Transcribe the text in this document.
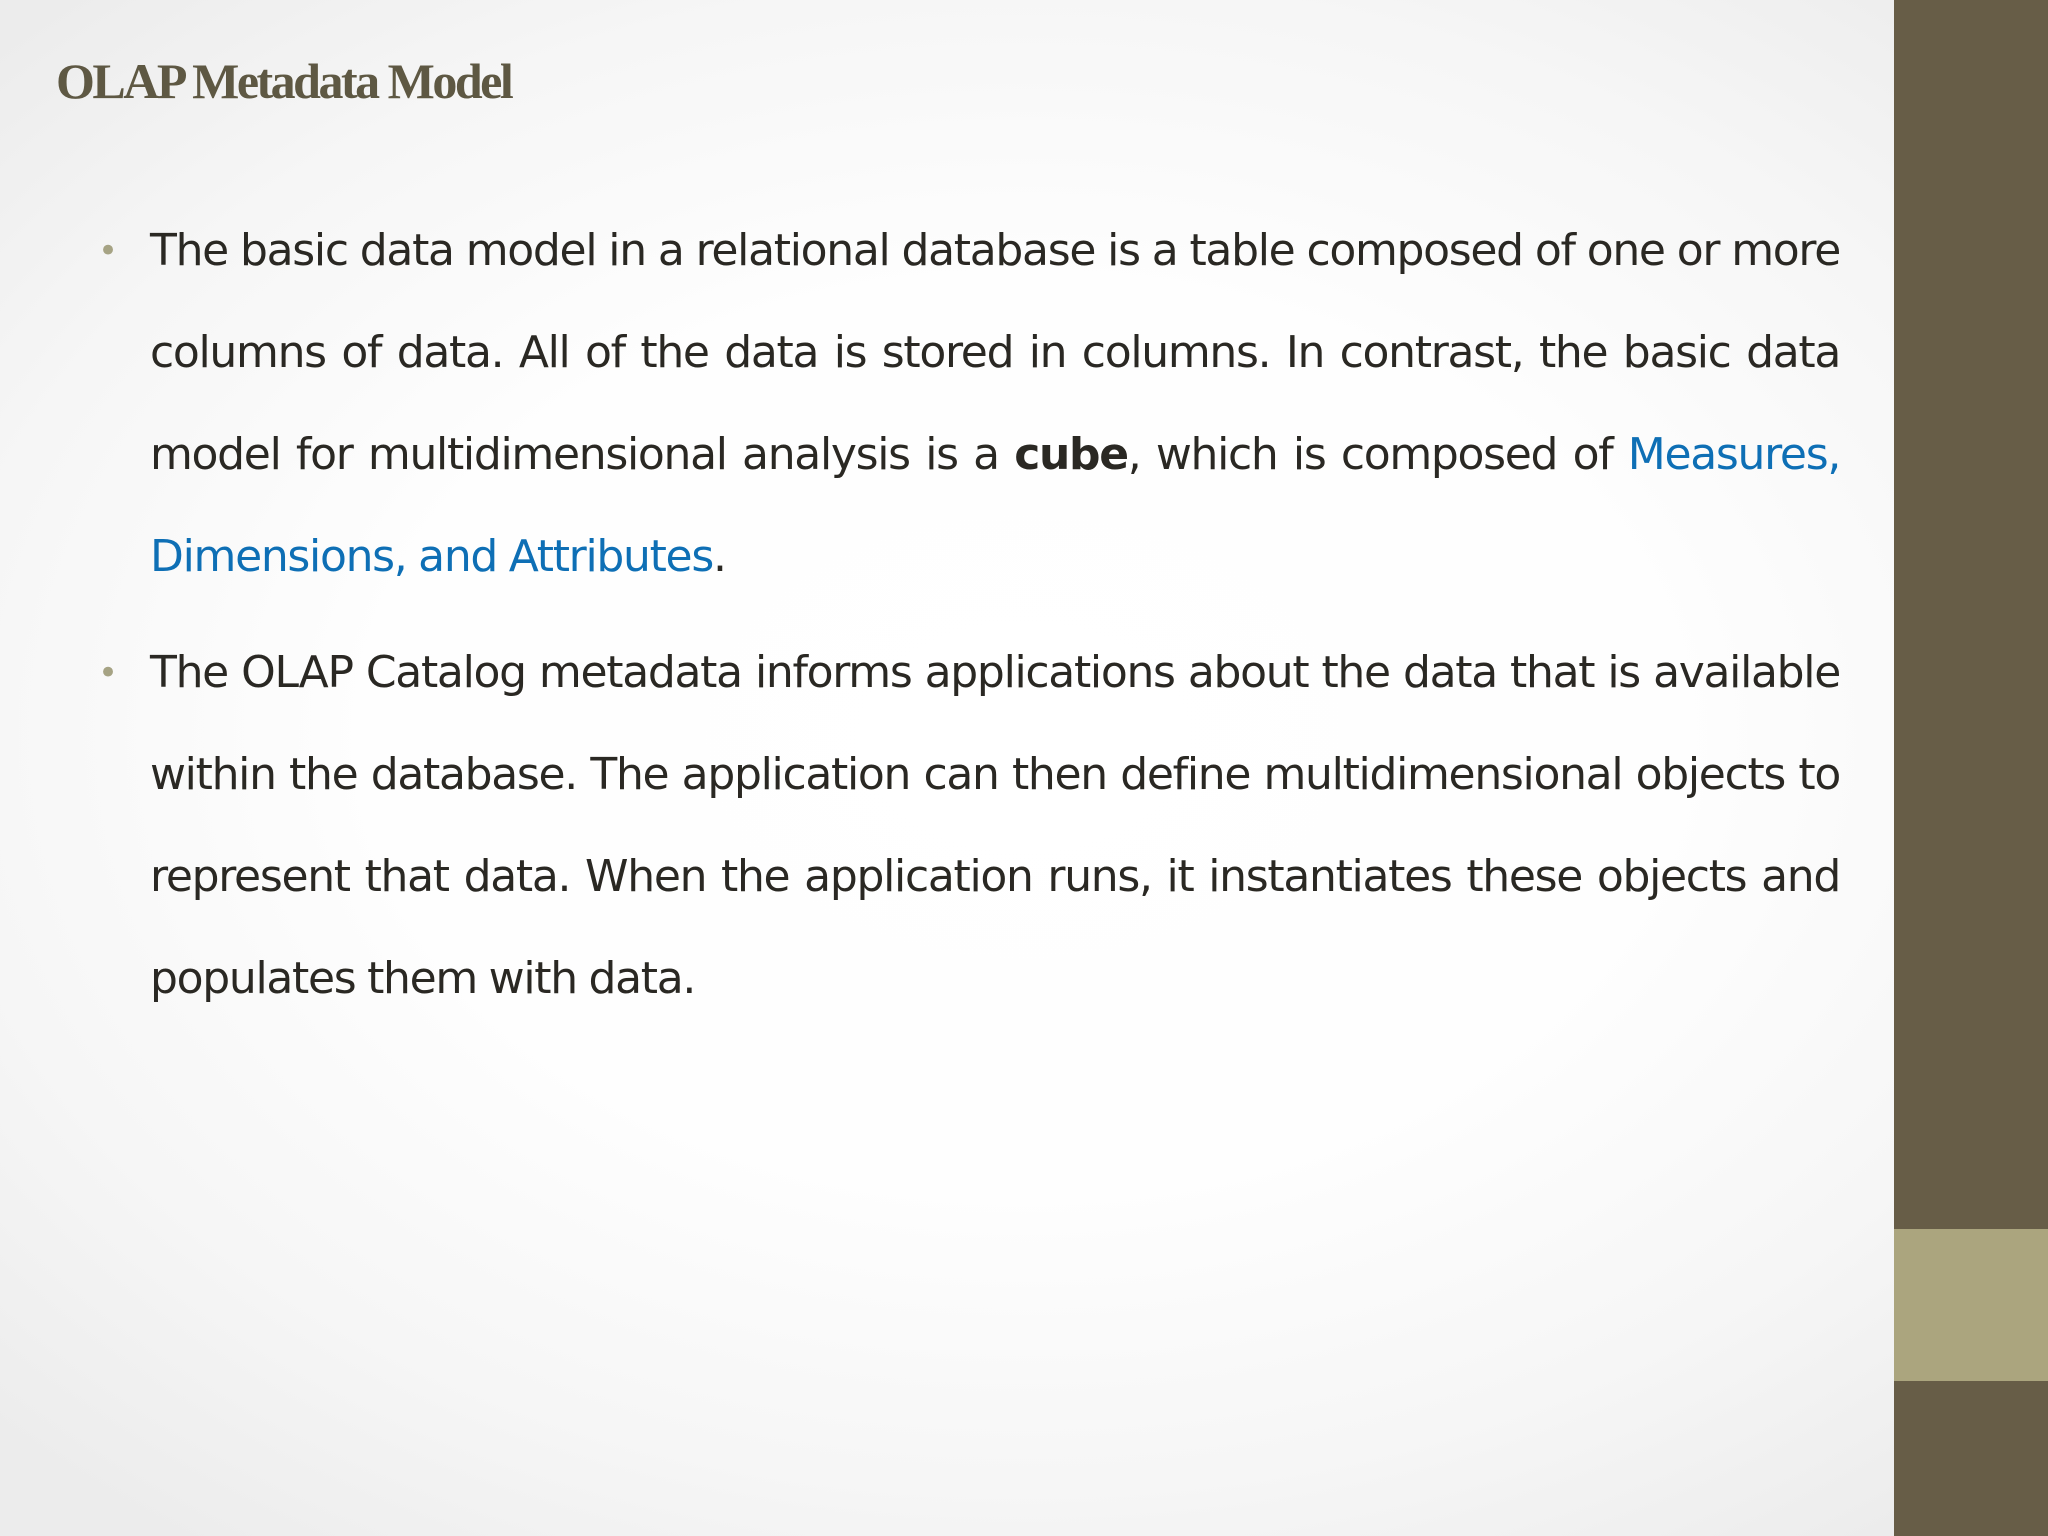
OLAP Metadata Model
• The basic data model in a relational database is a table composed of one or more columns of data. All of the data is stored in columns. In contrast, the basic data model for multidimensional analysis is a cube, which is composed of Measures, Dimensions, and Attributes.

• The OLAP Catalog metadata informs applications about the data that is available within the database. The application can then define multidimensional objects to represent that data. When the application runs, it instantiates these objects and populates them with data.
